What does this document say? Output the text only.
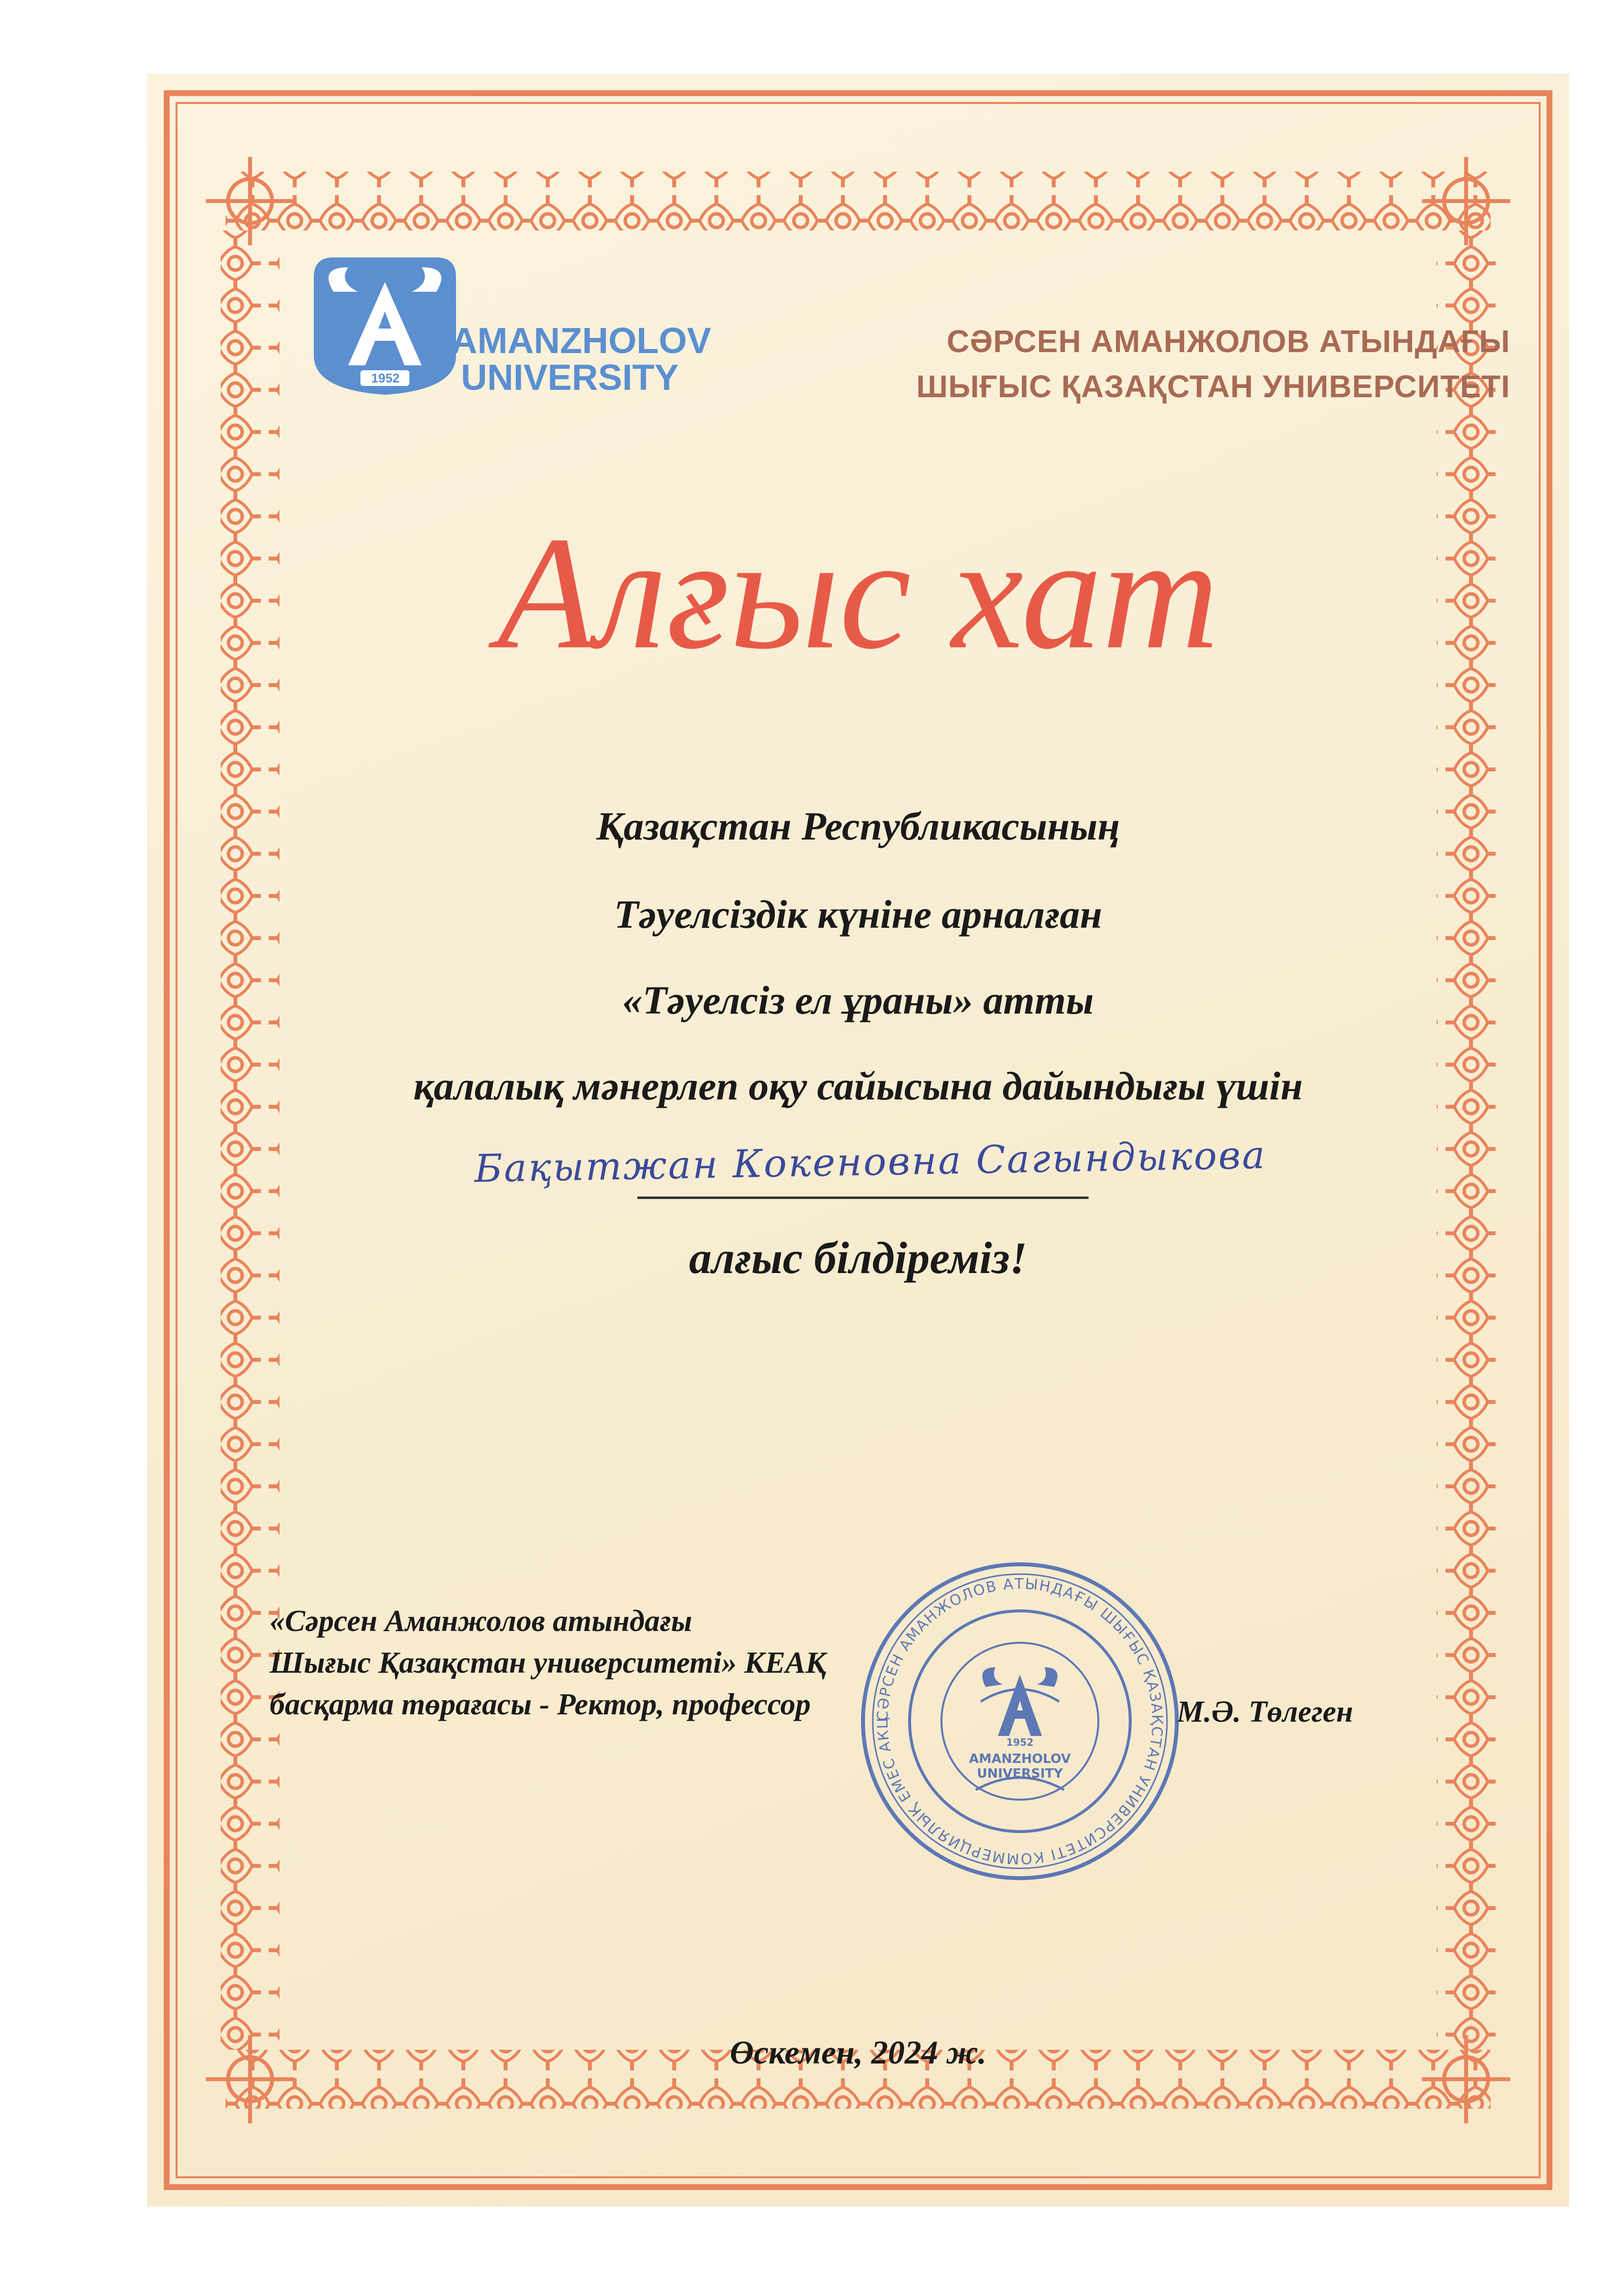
1952
AMANZHOLOV
UNIVERSITY
СӘРСЕН АМАНЖОЛОВ АТЫНДАҒЫ
ШЫҒЫС ҚАЗАҚСТАН УНИВЕРСИТЕТІ
Алғыс хат
Қазақстан Республикасының
Тәуелсіздік күніне арналған
«Тәуелсіз ел ұраны» атты
қалалық мәнерлеп оқу сайысына дайындығы үшін
Бақытжан Кокеновна Сагындыкова
алғыс білдіреміз!
«Сәрсен Аманжолов атындағы
Шығыс Қазақстан университеті» КЕАҚ
басқарма төрағасы - Ректор, профессор	М.Ә. Төлеген
СӘРСЕН АМАНЖОЛОВ АТЫНДАҒЫ ШЫҒЫС ҚАЗАҚСТАН УНИВЕРСИТЕТІ КОММЕРЦИЯЛЫҚ ЕМЕС АКЦ
1952
AMANZHOLOV
UNIVERSITY
Өскемен, 2024 ж.
